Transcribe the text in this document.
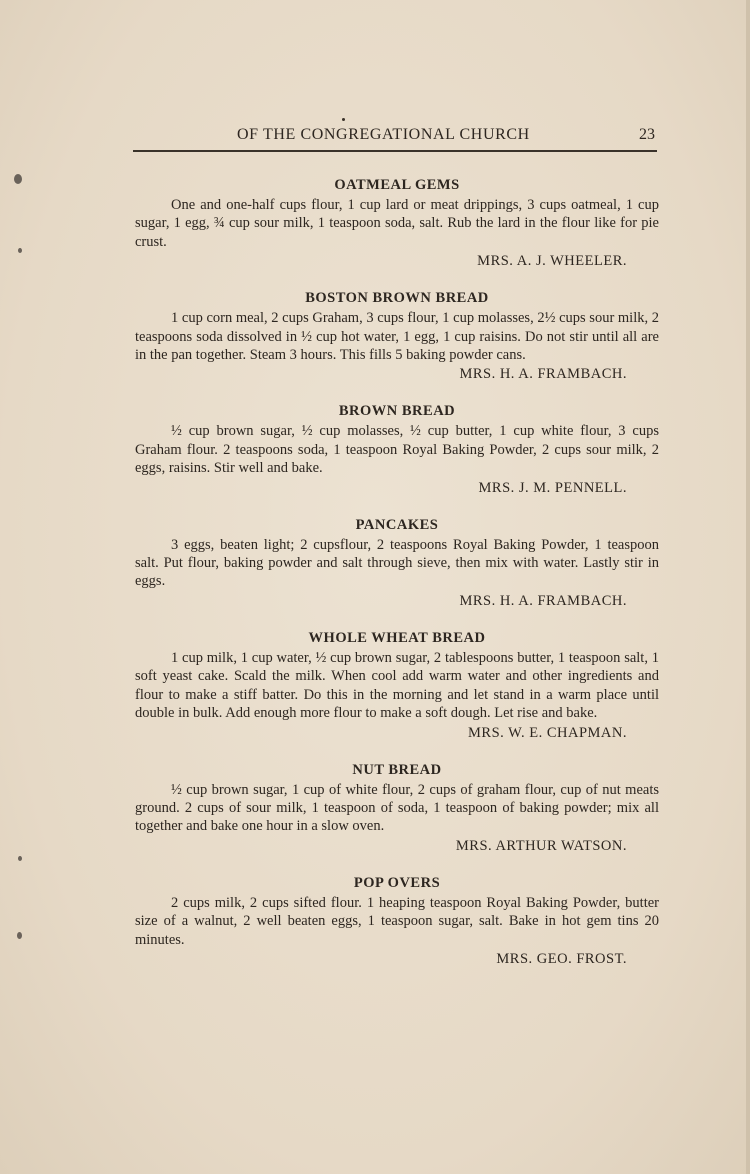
OF THE CONGREGATIONAL CHURCH	23
OATMEAL GEMS

One and one-half cups flour, 1 cup lard or meat drippings, 3 cups oatmeal, 1 cup sugar, 1 egg, ¾ cup sour milk, 1 teaspoon soda, salt. Rub the lard in the flour like for pie crust.

MRS. A. J. WHEELER.
BOSTON BROWN BREAD

1 cup corn meal, 2 cups Graham, 3 cups flour, 1 cup molasses, 2½ cups sour milk, 2 teaspoons soda dissolved in ½ cup hot water, 1 egg, 1 cup raisins. Do not stir until all are in the pan together. Steam 3 hours. This fills 5 baking powder cans.

MRS. H. A. FRAMBACH.
BROWN BREAD

½ cup brown sugar, ½ cup molasses, ½ cup butter, 1 cup white flour, 3 cups Graham flour. 2 teaspoons soda, 1 teaspoon Royal Baking Powder, 2 cups sour milk, 2 eggs, raisins. Stir well and bake.

MRS. J. M. PENNELL.
PANCAKES

3 eggs, beaten light; 2 cupsflour, 2 teaspoons Royal Baking Powder, 1 teaspoon salt. Put flour, baking powder and salt through sieve, then mix with water. Lastly stir in eggs.

MRS. H. A. FRAMBACH.
WHOLE WHEAT BREAD

1 cup milk, 1 cup water, ½ cup brown sugar, 2 tablespoons butter, 1 teaspoon salt, 1 soft yeast cake. Scald the milk. When cool add warm water and other ingredients and flour to make a stiff batter. Do this in the morning and let stand in a warm place until double in bulk. Add enough more flour to make a soft dough. Let rise and bake.

MRS. W. E. CHAPMAN.
NUT BREAD

½ cup brown sugar, 1 cup of white flour, 2 cups of graham flour, cup of nut meats ground. 2 cups of sour milk, 1 teaspoon of soda, 1 teaspoon of baking powder; mix all together and bake one hour in a slow oven.

MRS. ARTHUR WATSON.
POP OVERS

2 cups milk, 2 cups sifted flour. 1 heaping teaspoon Royal Baking Powder, butter size of a walnut, 2 well beaten eggs, 1 teaspoon sugar, salt. Bake in hot gem tins 20 minutes.

MRS. GEO. FROST.
